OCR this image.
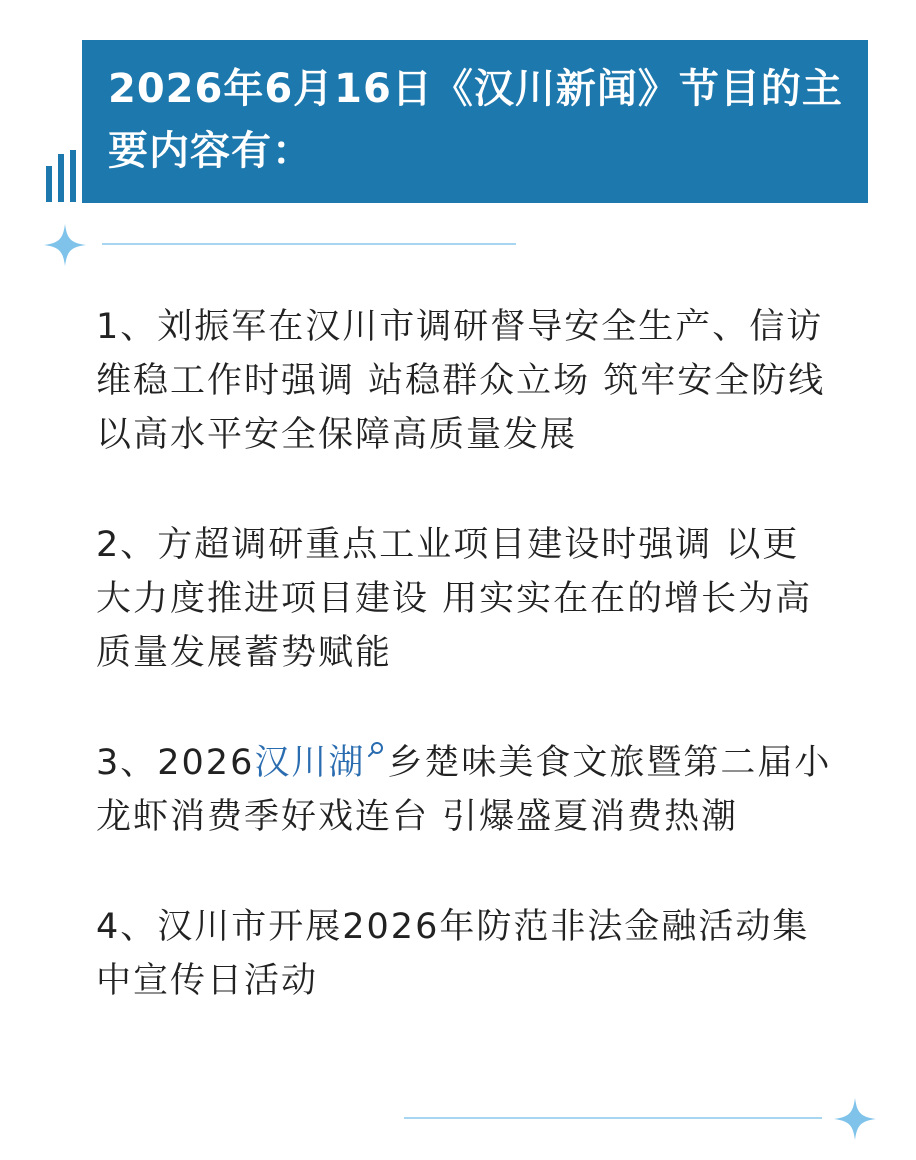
2026年6月16日《汉川新闻》节目的主要内容有：

1、刘振军在汉川市调研督导安全生产、信访维稳工作时强调 站稳群众立场 筑牢安全防线 以高水平安全保障高质量发展

2、方超调研重点工业项目建设时强调 以更大力度推进项目建设 用实实在在的增长为高质量发展蓄势赋能

3、2026汉川湖 乡楚味美食文旅暨第二届小龙虾消费季好戏连台 引爆盛夏消费热潮

4、汉川市开展2026年防范非法金融活动集中宣传日活动
